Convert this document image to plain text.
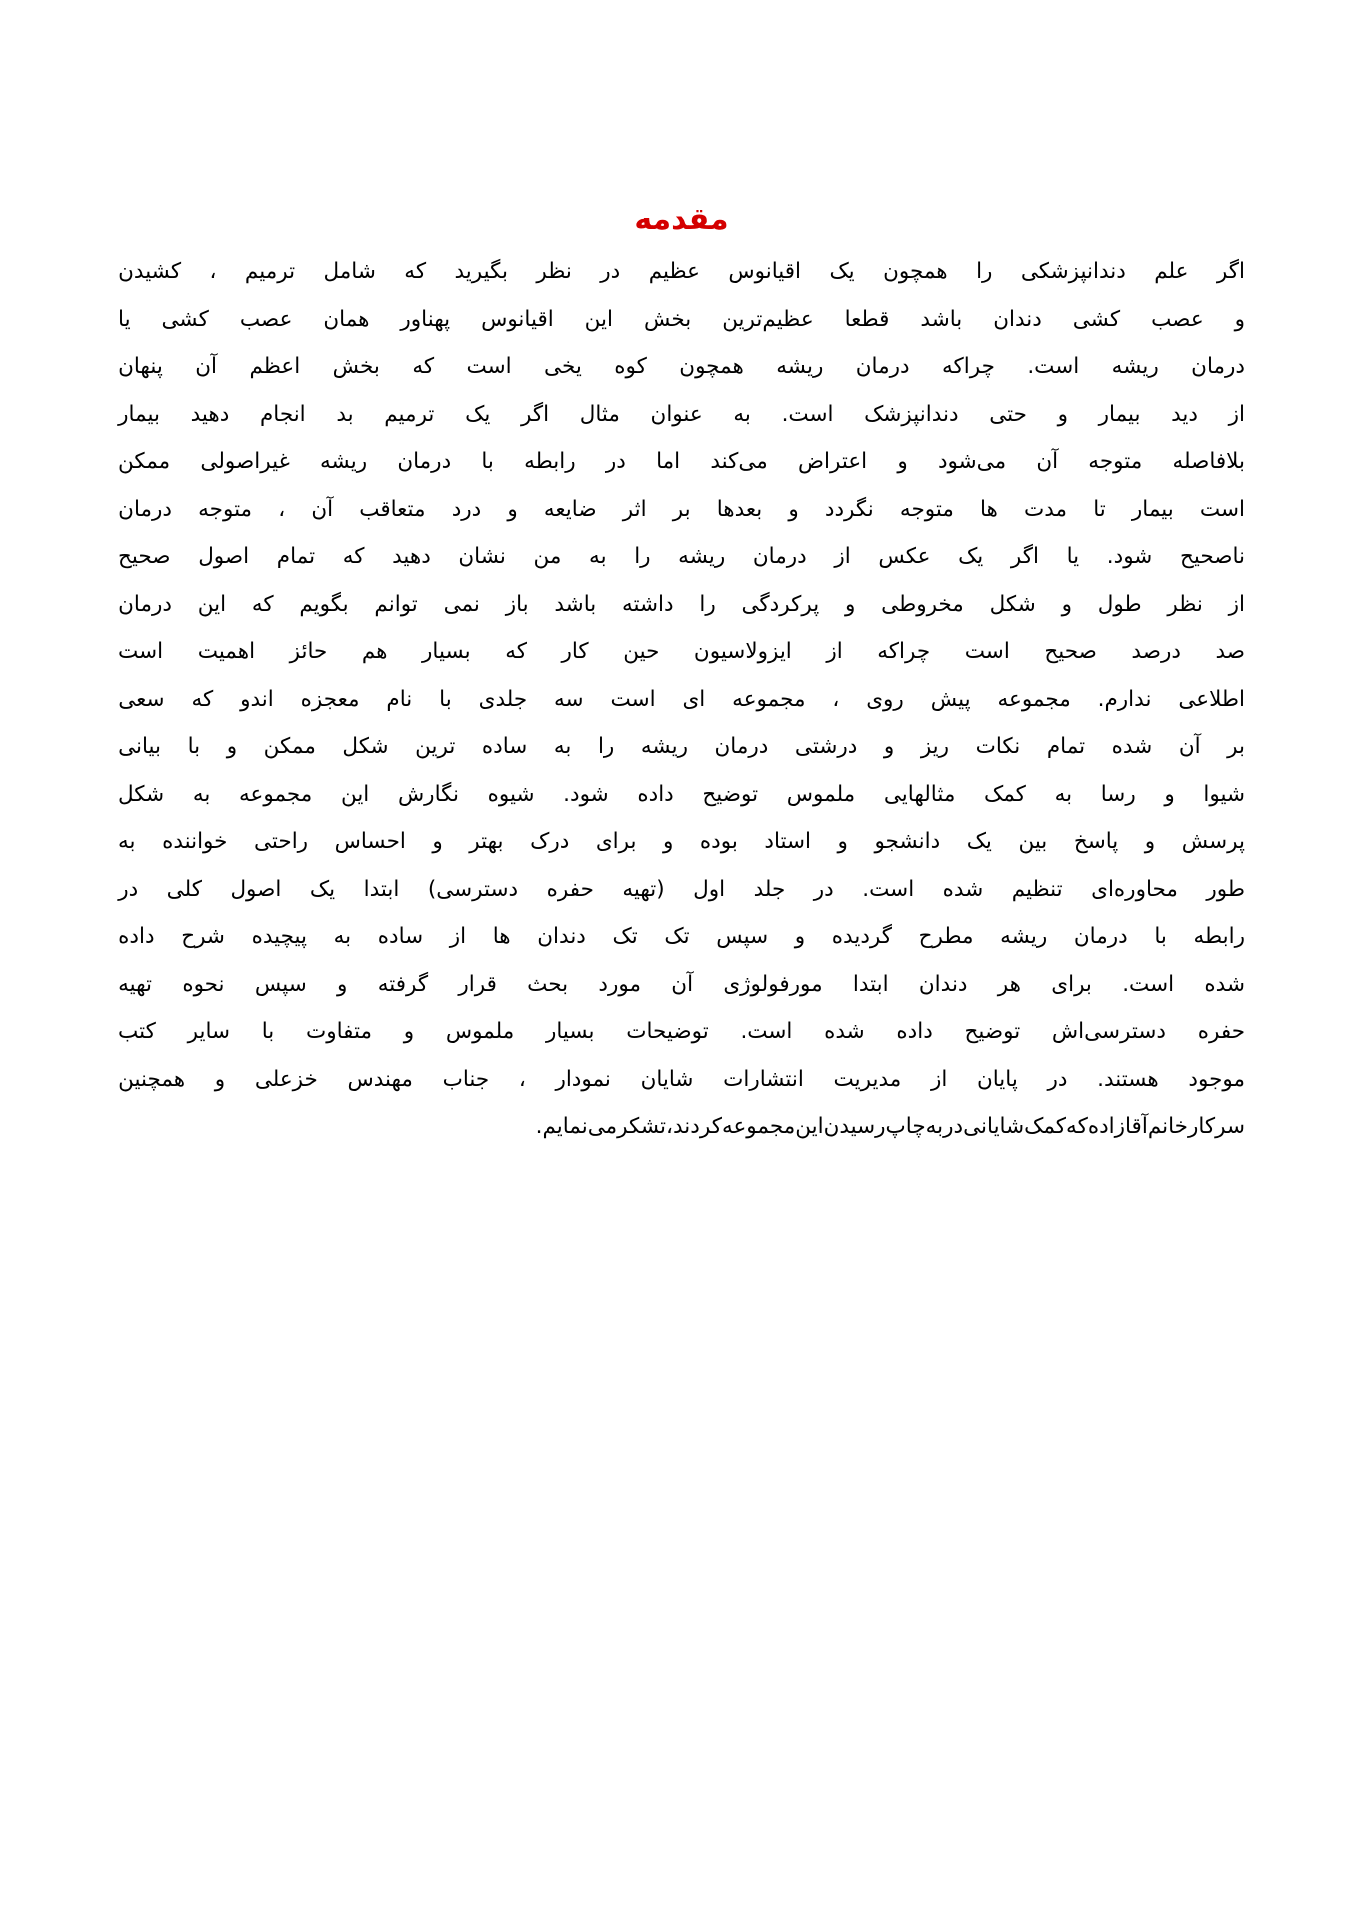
مقدمه
اگر
علم
دندانپزشکی
را
همچون
یک
اقیانوس
عظیم
در
نظر
بگیرید
که
شامل
ترمیم
،
کشیدن
و
عصب
کشی
دندان
باشد
قطعا
عظیم‌ترین
بخش
این
اقیانوس
پهناور
همان
عصب
کشی
یا
درمان
ریشه
است.
چراکه
درمان
ریشه
همچون
کوه
یخی
است
که
بخش
اعظم
آن
پنهان
از
دید
بیمار
و
حتی
دندانپزشک
است.
به
عنوان
مثال
اگر
یک
ترمیم
بد
انجام
دهید
بیمار
بلافاصله
متوجه
آن
می‌شود
و
اعتراض
می‌کند
اما
در
رابطه
با
درمان
ریشه
غیراصولی
ممکن
است
بیمار
تا
مدت
ها
متوجه
نگردد
و
بعدها
بر
اثر
ضایعه
و
درد
متعاقب
آن
،
متوجه
درمان
ناصحیح
شود.
یا
اگر
یک
عکس
از
درمان
ریشه
را
به
من
نشان
دهید
که
تمام
اصول
صحیح
از
نظر
طول
و
شکل
مخروطی
و
پرکردگی
را
داشته
باشد
باز
نمی
توانم
بگویم
که
این
درمان
صد
درصد
صحیح
است
چراکه
از
ایزولاسیون
حین
کار
که
بسیار
هم
حائز
اهمیت
است
اطلاعی
ندارم.
مجموعه
پیش
روی
،
مجموعه
ای
است
سه
جلدی
با
نام
معجزه
اندو
که
سعی
بر
آن
شده
تمام
نکات
ریز
و
درشتی
درمان
ریشه
را
به
ساده
ترین
شکل
ممکن
و
با
بیانی
شیوا
و
رسا
به
کمک
مثالهایی
ملموس
توضیح
داده
شود.
شیوه
نگارش
این
مجموعه
به
شکل
پرسش
و
پاسخ
بین
یک
دانشجو
و
استاد
بوده
و
برای
درک
بهتر
و
احساس
راحتی
خواننده
به
طور
محاوره‌ای
تنظیم
شده
است.
در
جلد
اول
(تهیه
حفره
دسترسی)
ابتدا
یک
اصول
کلی
در
رابطه
با
درمان
ریشه
مطرح
گردیده
و
سپس
تک
تک
دندان
ها
از
ساده
به
پیچیده
شرح
داده
شده
است.
برای
هر
دندان
ابتدا
مورفولوژی
آن
مورد
بحث
قرار
گرفته
و
سپس
نحوه
تهیه
حفره
دسترسی‌اش
توضیح
داده
شده
است.
توضیحات
بسیار
ملموس
و
متفاوت
با
سایر
کتب
موجود
هستند.
در
پایان
از
مدیریت
انتشارات
شایان
نمودار
،
جناب
مهندس
خزعلی
و
همچنین
سرکار
خانم
آقازاده
که
کمک
شایانی
در
به
چاپ
رسیدن
این
مجموعه
کردند،
تشکر
می
نمایم.
